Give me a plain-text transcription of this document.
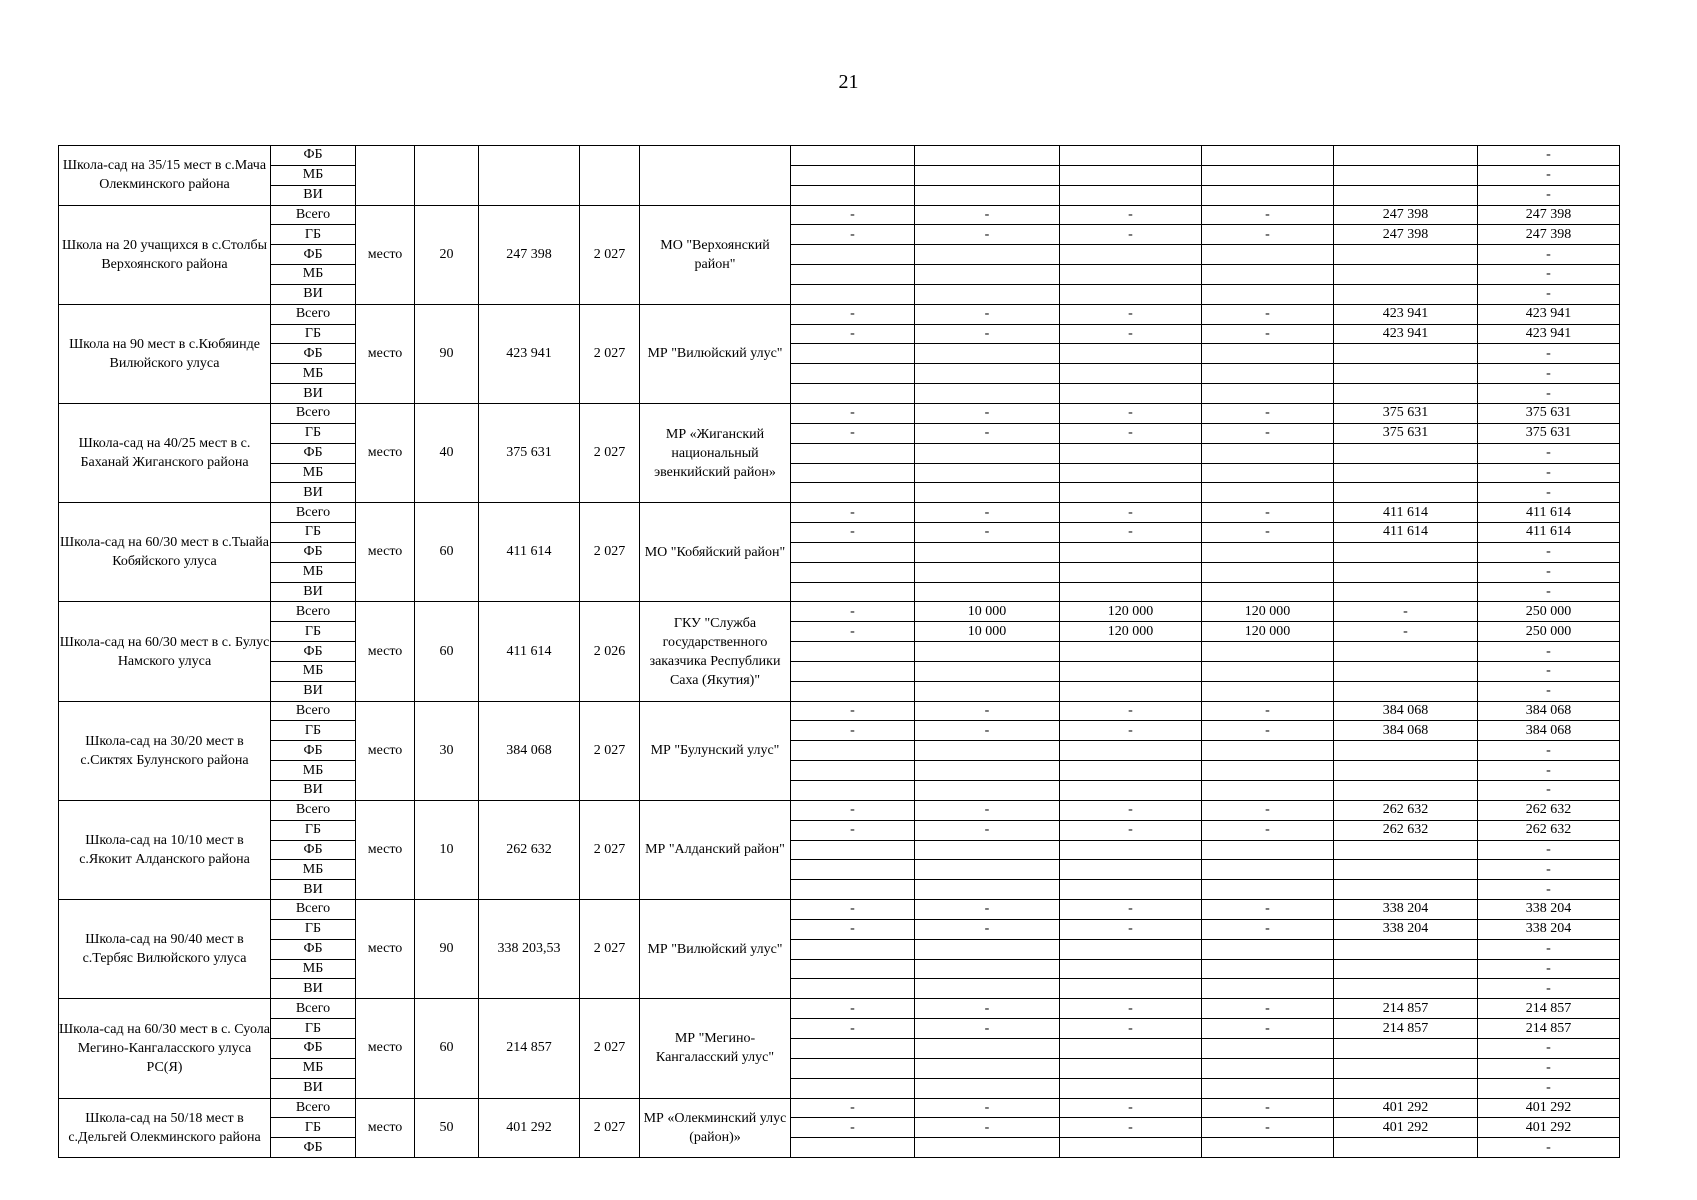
21
Школа-сад на 35/15 мест в с.Мача Олекминского района	ФБ											-
	МБ											-
	ВИ											-
Школа на 20 учащихся в с.Столбы Верхоянского района	Всего	место	20	247 398	2 027	МО "Верхоянский район"	-	-	-	-	247 398	247 398
	ГБ						-	-	-	-	247 398	247 398
	ФБ											-
	МБ											-
	ВИ											-
Школа на 90 мест в с.Кюбяинде Вилюйского улуса	Всего	место	90	423 941	2 027	МР "Вилюйский улус"	-	-	-	-	423 941	423 941
	ГБ						-	-	-	-	423 941	423 941
	ФБ											-
	МБ											-
	ВИ											-
Школа-сад на 40/25 мест в с. Баханай Жиганского района	Всего	место	40	375 631	2 027	МР «Жиганский национальный эвенкийский район»	-	-	-	-	375 631	375 631
	ГБ						-	-	-	-	375 631	375 631
	ФБ											-
	МБ											-
	ВИ											-
Школа-сад на 60/30 мест в с.Тыайа Кобяйского улуса	Всего	место	60	411 614	2 027	МО "Кобяйский район"	-	-	-	-	411 614	411 614
	ГБ						-	-	-	-	411 614	411 614
	ФБ											-
	МБ											-
	ВИ											-
Школа-сад на 60/30 мест в с. Булус Намского улуса	Всего	место	60	411 614	2 026	ГКУ "Служба государственного заказчика Республики Саха (Якутия)"	-	10 000	120 000	120 000	-	250 000
	ГБ						-	10 000	120 000	120 000	-	250 000
	ФБ											-
	МБ											-
	ВИ											-
Школа-сад на 30/20 мест в с.Сиктях Булунского района	Всего	место	30	384 068	2 027	МР "Булунский улус"	-	-	-	-	384 068	384 068
	ГБ						-	-	-	-	384 068	384 068
	ФБ											-
	МБ											-
	ВИ											-
Школа-сад на 10/10 мест в с.Якокит Алданского района	Всего	место	10	262 632	2 027	МР "Алданский район"	-	-	-	-	262 632	262 632
	ГБ						-	-	-	-	262 632	262 632
	ФБ											-
	МБ											-
	ВИ											-
Школа-сад на 90/40 мест в с.Тербяс Вилюйского улуса	Всего	место	90	338 203,53	2 027	МР "Вилюйский улус"	-	-	-	-	338 204	338 204
	ГБ						-	-	-	-	338 204	338 204
	ФБ											-
	МБ											-
	ВИ											-
Школа-сад на 60/30 мест в с. Суола Мегино-Кангаласского улуса РС(Я)	Всего	место	60	214 857	2 027	МР "Мегино-Кангаласский улус"	-	-	-	-	214 857	214 857
	ГБ						-	-	-	-	214 857	214 857
	ФБ											-
	МБ											-
	ВИ											-
Школа-сад на 50/18 мест в с.Дельгей Олекминского района	Всего	место	50	401 292	2 027	МР «Олекминский улус (район)»	-	-	-	-	401 292	401 292
	ГБ						-	-	-	-	401 292	401 292
	ФБ											-
